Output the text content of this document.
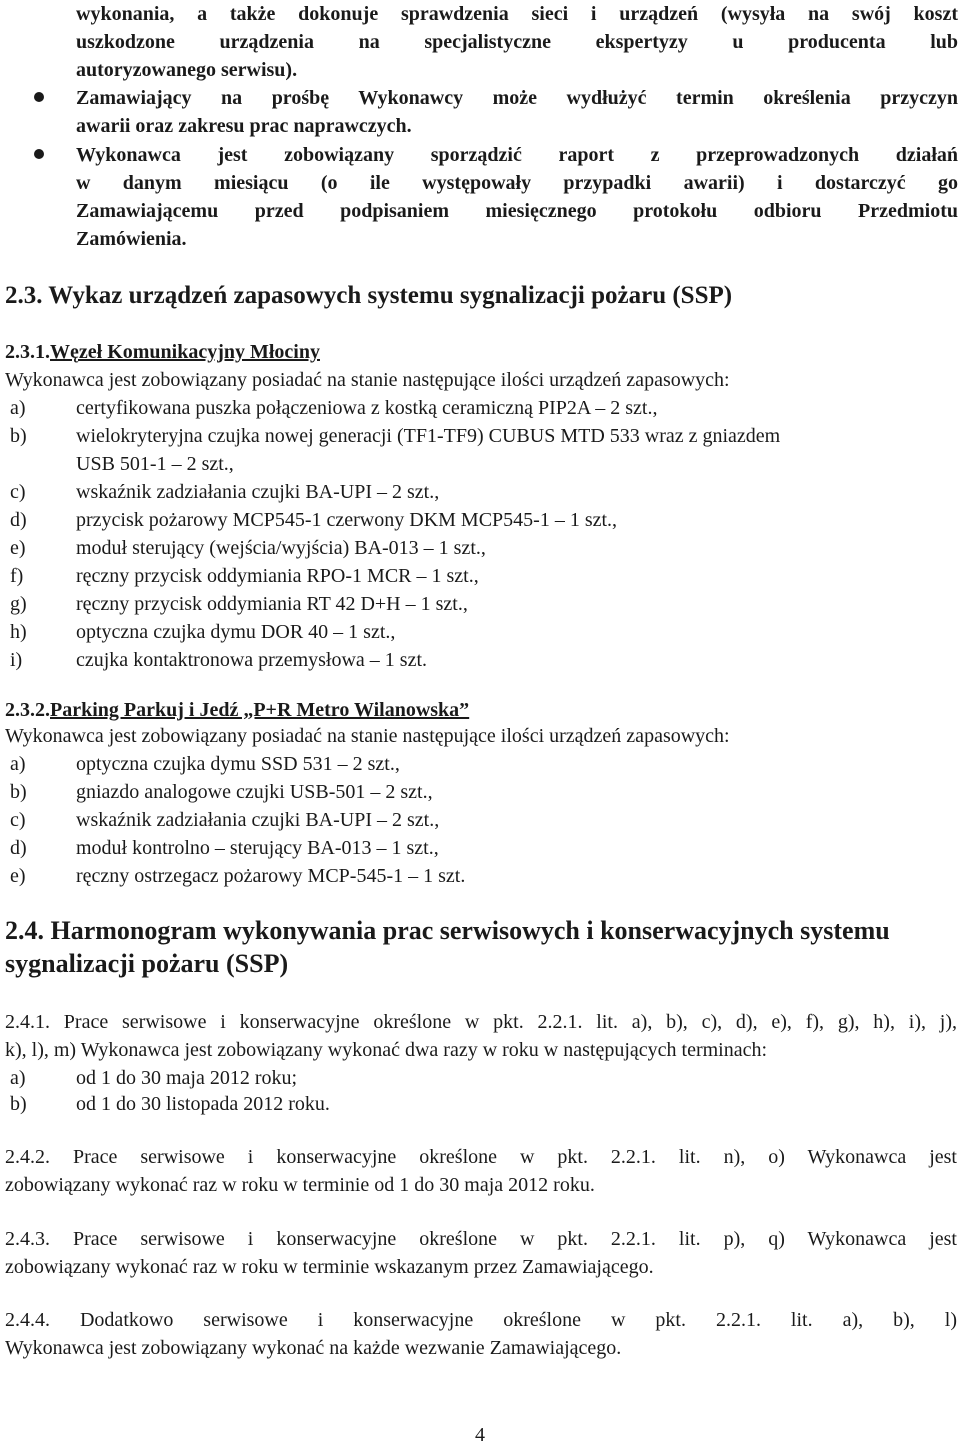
wykonania, a także dokonuje sprawdzenia sieci i urządzeń (wysyła na swój koszt
uszkodzone urządzenia na specjalistyczne ekspertyzy u producenta lub
autoryzowanego serwisu).
Zamawiający na prośbę Wykonawcy może wydłużyć termin określenia przyczyn
awarii oraz zakresu prac naprawczych.
Wykonawca jest zobowiązany sporządzić raport z przeprowadzonych działań
w danym miesiącu (o ile występowały przypadki awarii) i dostarczyć go
Zamawiającemu przed podpisaniem miesięcznego protokołu odbioru Przedmiotu
Zamówienia.
2.3. Wykaz urządzeń zapasowych systemu sygnalizacji pożaru (SSP)
2.3.1.Węzeł Komunikacyjny Młociny
Wykonawca jest zobowiązany posiadać na stanie następujące ilości urządzeń zapasowych:
a)	certyfikowana puszka połączeniowa z kostką ceramiczną PIP2A – 2 szt.,
b) wielokryteryjna czujka nowej generacji (TF1-TF9) CUBUS MTD 533 wraz z gniazdem
USB 501-1 – 2 szt.,
c)	wskaźnik zadziałania czujki BA-UPI – 2 szt.,
d) przycisk pożarowy MCP545-1 czerwony DKM MCP545-1 – 1 szt.,
e)	moduł sterujący (wejścia/wyjścia) BA-013 – 1 szt.,
f)	ręczny przycisk oddymiania RPO-1 MCR – 1 szt.,
g) ręczny przycisk oddymiania RT 42 D+H – 1 szt.,
h) optyczna czujka dymu DOR 40 – 1 szt.,
i)	czujka kontaktronowa przemysłowa – 1 szt.
2.3.2.Parking Parkuj i Jedź „P+R Metro Wilanowska”
Wykonawca jest zobowiązany posiadać na stanie następujące ilości urządzeń zapasowych:
a)	optyczna czujka dymu SSD 531 – 2 szt.,
b) gniazdo analogowe czujki USB-501 – 2 szt.,
c)	wskaźnik zadziałania czujki BA-UPI – 2 szt.,
d) moduł kontrolno – sterujący BA-013 – 1 szt.,
e)	ręczny ostrzegacz pożarowy MCP-545-1 – 1 szt.
2.4. Harmonogram wykonywania prac serwisowych i konserwacyjnych systemu
sygnalizacji pożaru (SSP)
2.4.1. Prace serwisowe i konserwacyjne określone w pkt. 2.2.1. lit. a), b), c), d), e), f), g), h), i), j),
k), l), m) Wykonawca jest zobowiązany wykonać dwa razy w roku w następujących terminach:
a)	od 1 do 30 maja 2012 roku;
b) od 1 do 30 listopada 2012 roku.
2.4.2. Prace serwisowe i konserwacyjne określone w pkt. 2.2.1. lit. n), o) Wykonawca jest
zobowiązany wykonać raz w roku w terminie od 1 do 30 maja 2012 roku.
2.4.3. Prace serwisowe i konserwacyjne określone w pkt. 2.2.1. lit. p), q) Wykonawca jest
zobowiązany wykonać raz w roku w terminie wskazanym przez Zamawiającego.
2.4.4. Dodatkowo serwisowe i konserwacyjne określone w pkt. 2.2.1. lit. a), b), l)
Wykonawca jest zobowiązany wykonać na każde wezwanie Zamawiającego.
4
